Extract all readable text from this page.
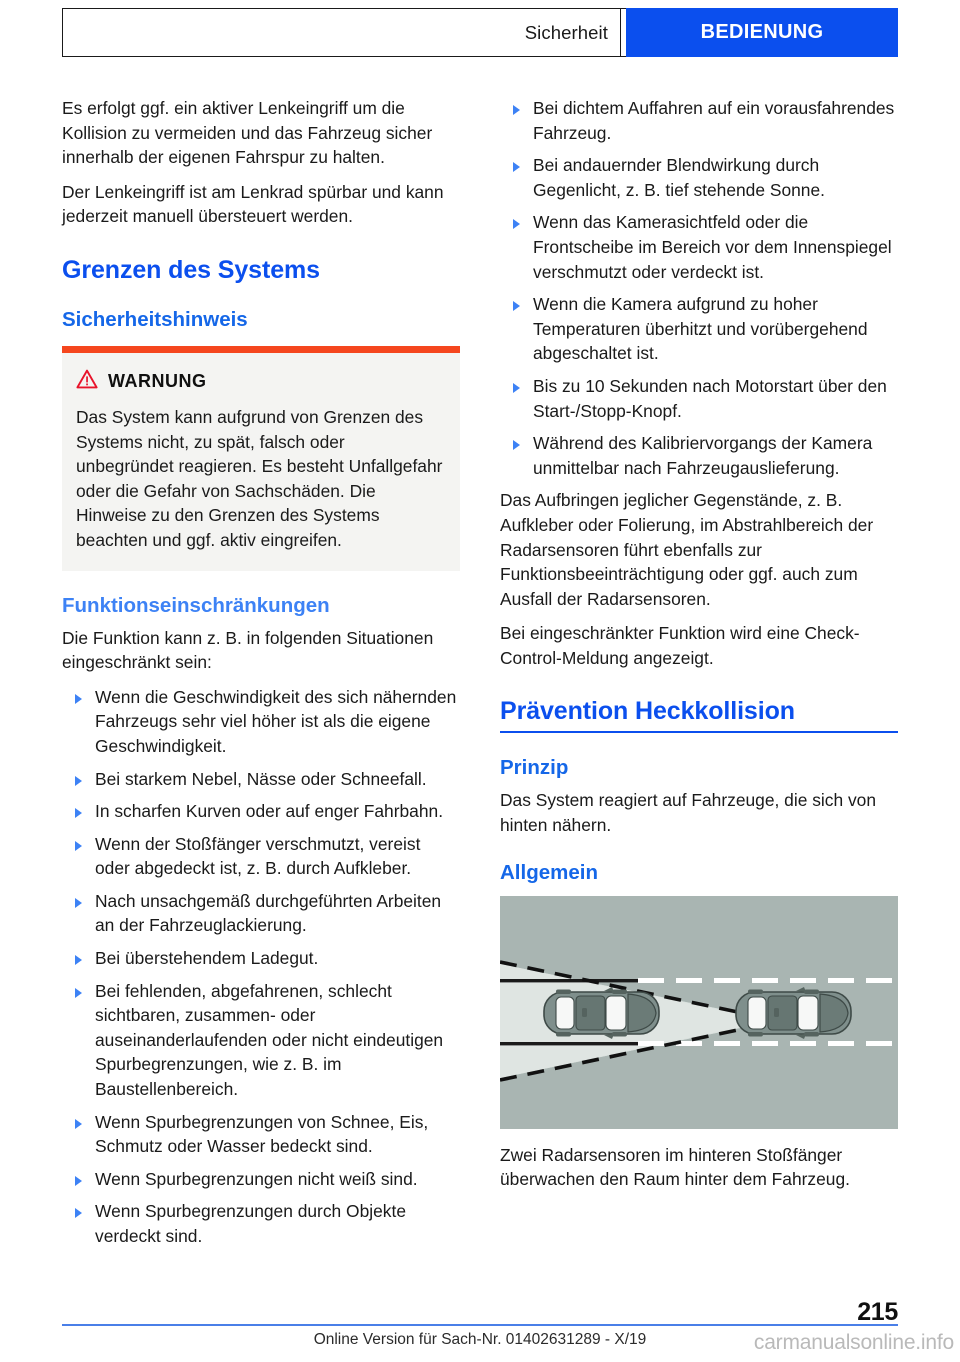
Sicherheit	BEDIENUNG

Es erfolgt ggf. ein aktiver Lenkeingriff um die Kollision zu vermeiden und das Fahrzeug sicher innerhalb der eigenen Fahrspur zu halten.

Der Lenkeingriff ist am Lenkrad spürbar und kann jederzeit manuell übersteuert werden.

Grenzen des Systems
Sicherheitshinweis
WARNUNG

Das System kann aufgrund von Grenzen des Systems nicht, zu spät, falsch oder unbegründet reagieren. Es besteht Unfallgefahr oder die Gefahr von Sachschäden. Die Hinweise zu den Grenzen des Systems beachten und ggf. aktiv eingreifen.

Funktionseinschränkungen

Die Funktion kann z. B. in folgenden Situationen eingeschränkt sein:

Wenn die Geschwindigkeit des sich nähernden Fahrzeugs sehr viel höher ist als die eigene Geschwindigkeit.
Bei starkem Nebel, Nässe oder Schneefall.
In scharfen Kurven oder auf enger Fahrbahn.
Wenn der Stoßfänger verschmutzt, vereist oder abgedeckt ist, z. B. durch Aufkleber.
Nach unsachgemäß durchgeführten Arbeiten an der Fahrzeuglackierung.
Bei überstehendem Ladegut.
Bei fehlenden, abgefahrenen, schlecht sichtbaren, zusammen- oder auseinanderlaufenden oder nicht eindeutigen Spurbegrenzungen, wie z. B. im Baustellenbereich.
Wenn Spurbegrenzungen von Schnee, Eis, Schmutz oder Wasser bedeckt sind.
Wenn Spurbegrenzungen nicht weiß sind.
Wenn Spurbegrenzungen durch Objekte verdeckt sind.
Bei dichtem Auffahren auf ein vorausfahrendes Fahrzeug.
Bei andauernder Blendwirkung durch Gegenlicht, z. B. tief stehende Sonne.
Wenn das Kamerasichtfeld oder die Frontscheibe im Bereich vor dem Innenspiegel verschmutzt oder verdeckt ist.
Wenn die Kamera aufgrund zu hoher Temperaturen überhitzt und vorübergehend abgeschaltet ist.
Bis zu 10 Sekunden nach Motorstart über den Start-/Stopp-Knopf.
Während des Kalibriervorgangs der Kamera unmittelbar nach Fahrzeugauslieferung.

Das Aufbringen jeglicher Gegenstände, z. B. Aufkleber oder Folierung, im Abstrahlbereich der Radarsensoren führt ebenfalls zur Funktionsbeeinträchtigung oder ggf. auch zum Ausfall der Radarsensoren.

Bei eingeschränkter Funktion wird eine Check-Control-Meldung angezeigt.

Prävention Heckkollision
Prinzip

Das System reagiert auf Fahrzeuge, die sich von hinten nähern.

Allgemein

Zwei Radarsensoren im hinteren Stoßfänger überwachen den Raum hinter dem Fahrzeug.

215
Online Version für Sach-Nr. 01402631289 - X/19	carmanualsonline.info
